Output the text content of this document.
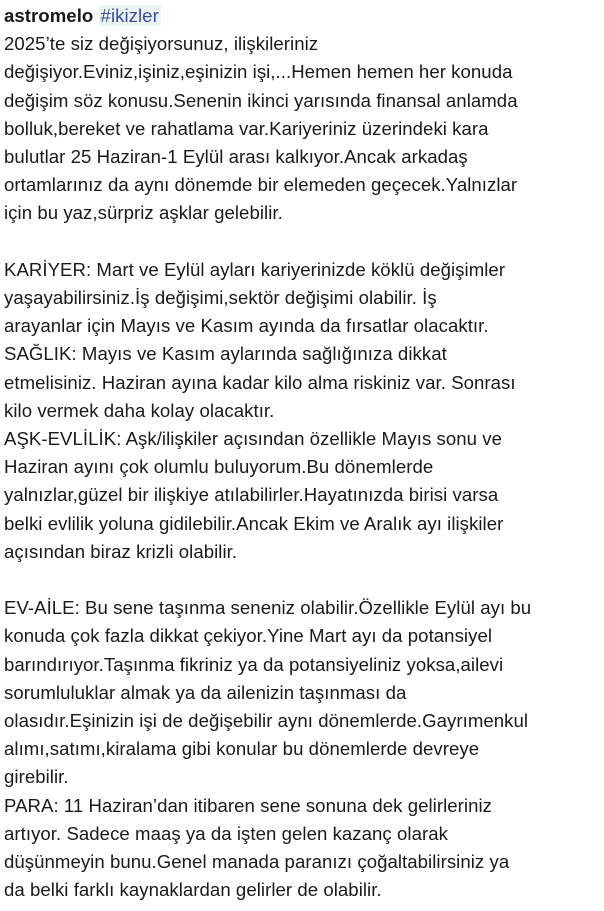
astromelo #ikizler

2025’te siz değişiyorsunuz, ilişkileriniz
değişiyor.Eviniz,işiniz,eşinizin işi,...Hemen hemen her konuda
değişim söz konusu.Senenin ikinci yarısında finansal anlamda
bolluk,bereket ve rahatlama var.Kariyeriniz üzerindeki kara
bulutlar 25 Haziran-1 Eylül arası kalkıyor.Ancak arkadaş
ortamlarınız da aynı dönemde bir elemeden geçecek.Yalnızlar
için bu yaz,sürpriz aşklar gelebilir.

KARİYER: Mart ve Eylül ayları kariyerinizde köklü değişimler
yaşayabilirsiniz.İş değişimi,sektör değişimi olabilir. İş
arayanlar için Mayıs ve Kasım ayında da fırsatlar olacaktır.

SAĞLIK: Mayıs ve Kasım aylarında sağlığınıza dikkat
etmelisiniz. Haziran ayına kadar kilo alma riskiniz var. Sonrası
kilo vermek daha kolay olacaktır.

AŞK-EVLİLİK: Aşk/ilişkiler açısından özellikle Mayıs sonu ve
Haziran ayını çok olumlu buluyorum.Bu dönemlerde
yalnızlar,güzel bir ilişkiye atılabilirler.Hayatınızda birisi varsa
belki evlilik yoluna gidilebilir.Ancak Ekim ve Aralık ayı ilişkiler
açısından biraz krizli olabilir.

EV-AİLE: Bu sene taşınma seneniz olabilir.Özellikle Eylül ayı bu
konuda çok fazla dikkat çekiyor.Yine Mart ayı da potansiyel
barındırıyor.Taşınma fikriniz ya da potansiyeliniz yoksa,ailevi
sorumluluklar almak ya da ailenizin taşınması da
olasıdır.Eşinizin işi de değişebilir aynı dönemlerde.Gayrımenkul
alımı,satımı,kiralama gibi konular bu dönemlerde devreye
girebilir.

PARA: 11 Haziran’dan itibaren sene sonuna dek gelirleriniz
artıyor. Sadece maaş ya da işten gelen kazanç olarak
düşünmeyin bunu.Genel manada paranızı çoğaltabilirsiniz ya
da belki farklı kaynaklardan gelirler de olabilir.
